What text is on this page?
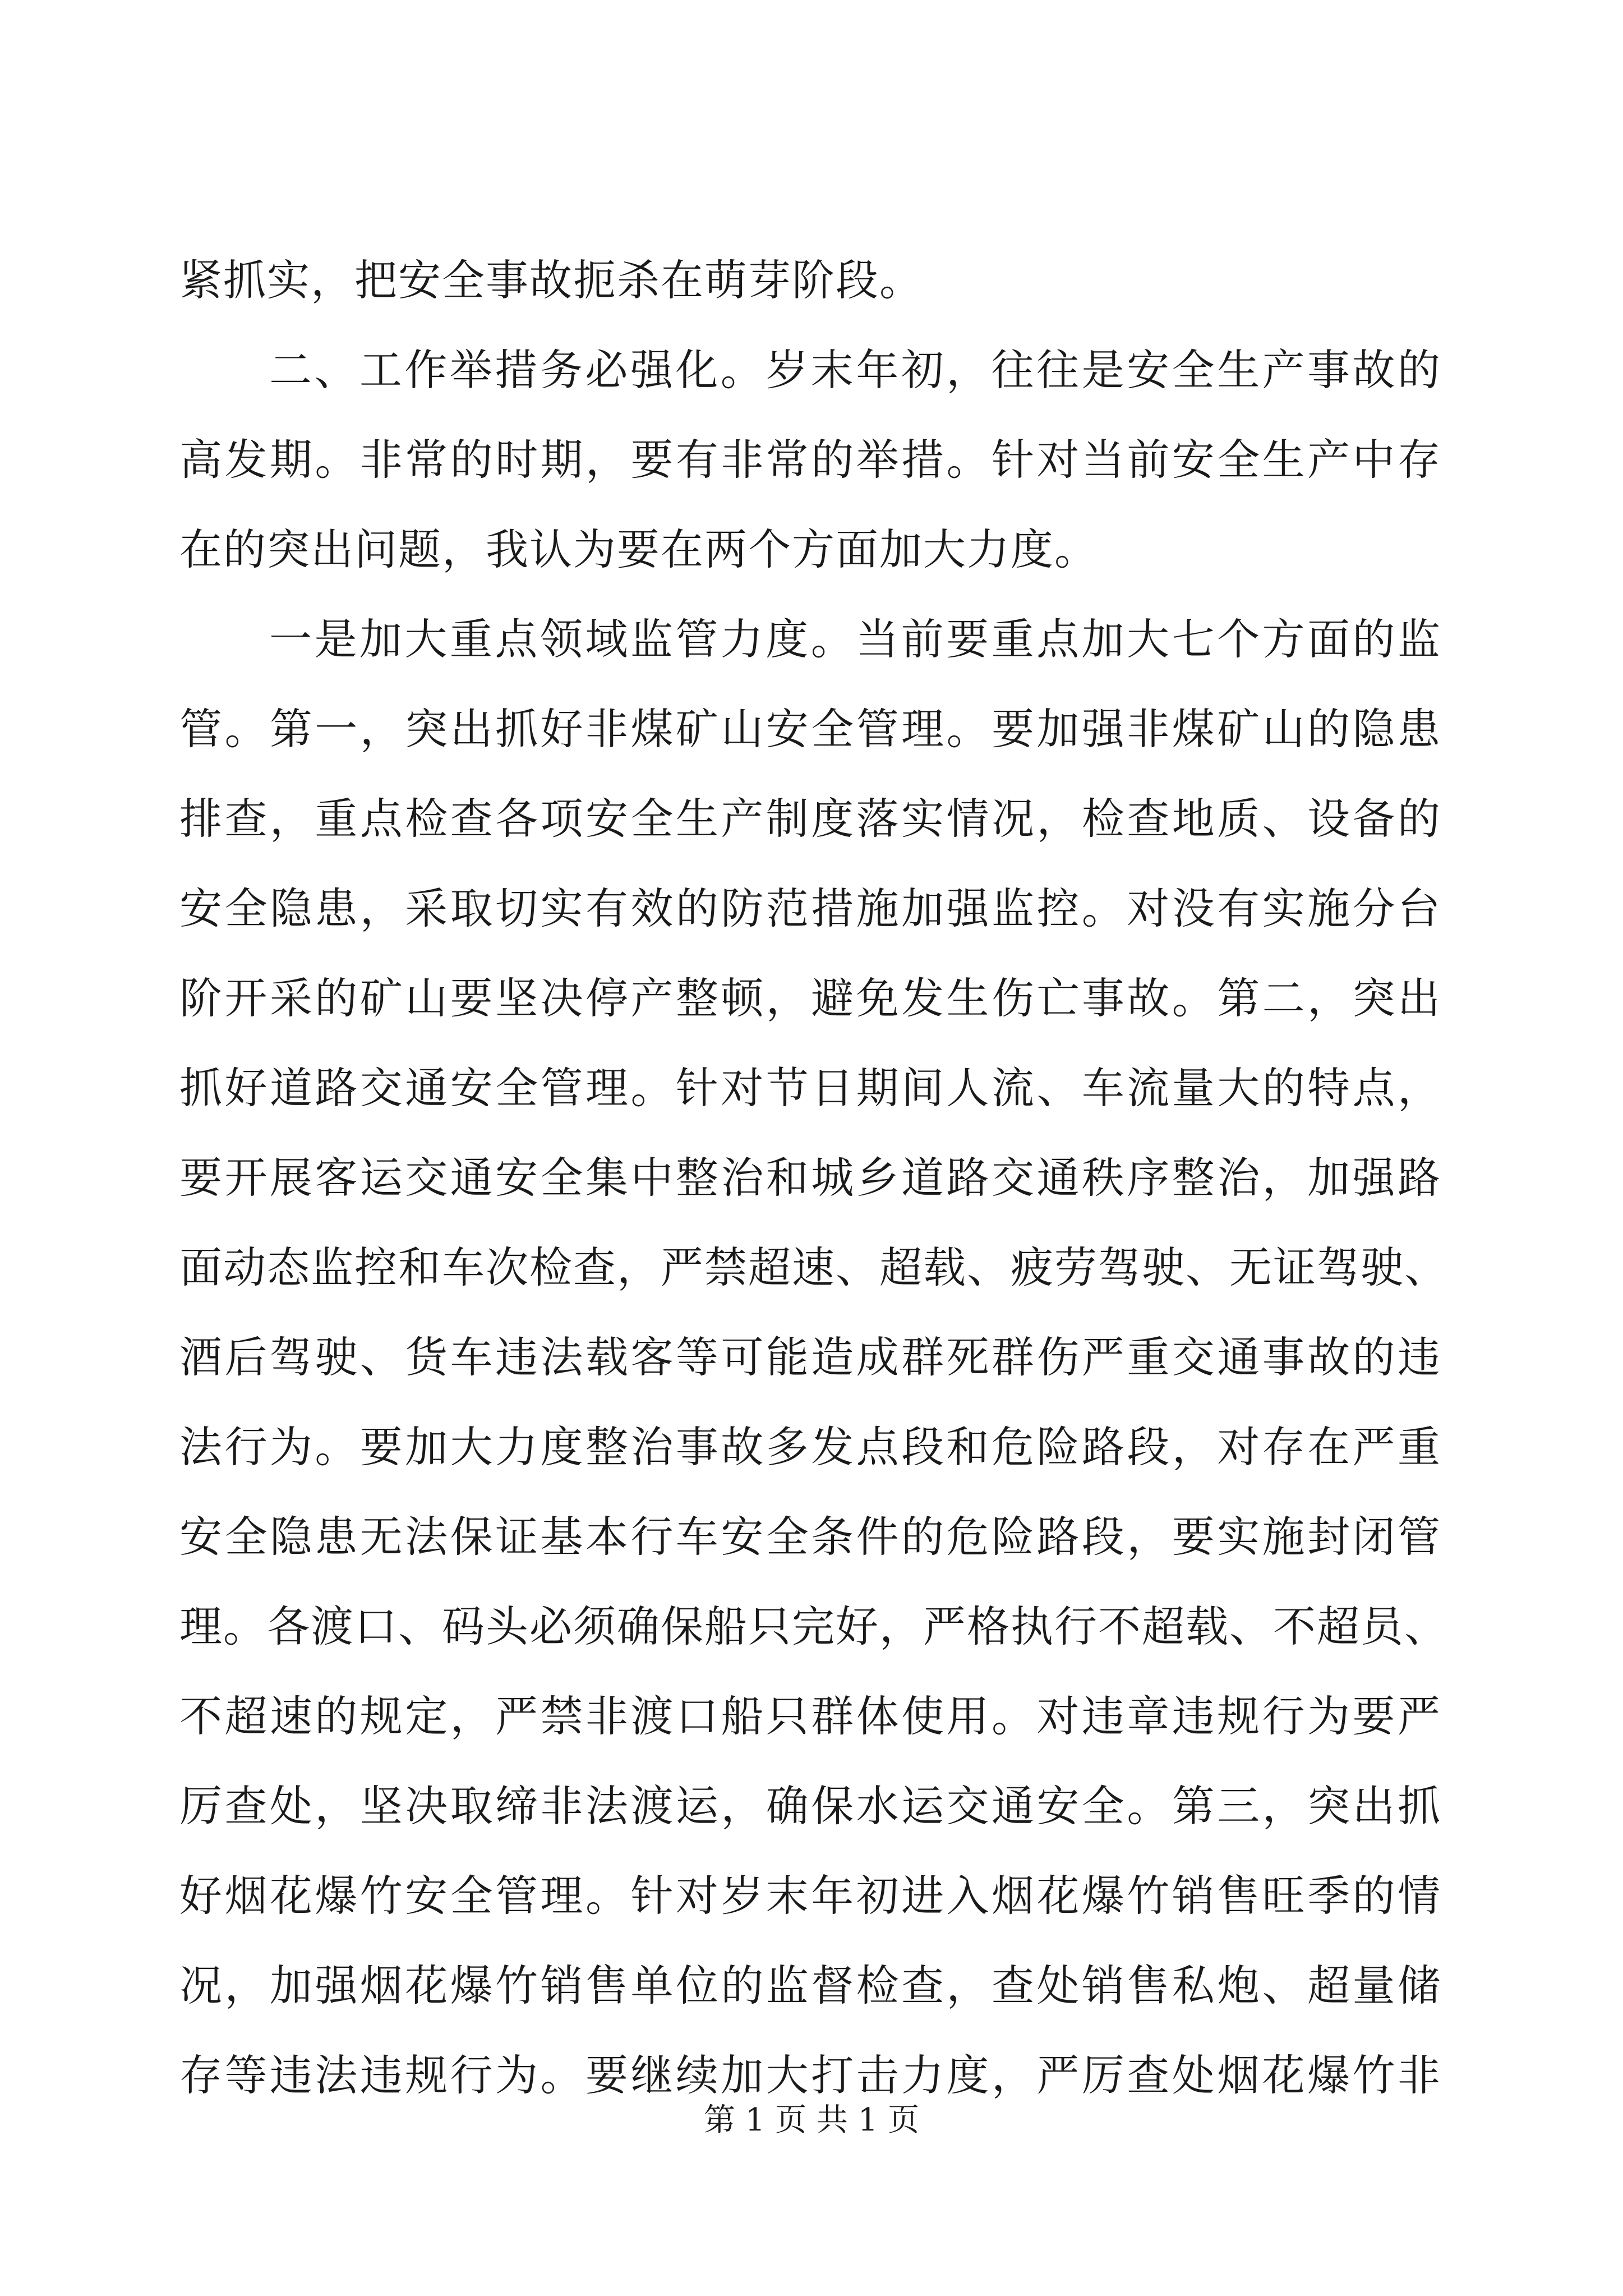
紧抓实，把安全事故扼杀在萌芽阶段。
二、工作举措务必强化。岁末年初，往往是安全生产事故的
高发期。非常的时期，要有非常的举措。针对当前安全生产中存
在的突出问题，我认为要在两个方面加大力度。
一是加大重点领域监管力度。当前要重点加大七个方面的监
管。第一，突出抓好非煤矿山安全管理。要加强非煤矿山的隐患
排查，重点检查各项安全生产制度落实情况，检查地质、设备的
安全隐患，采取切实有效的防范措施加强监控。对没有实施分台
阶开采的矿山要坚决停产整顿，避免发生伤亡事故。第二，突出
抓好道路交通安全管理。针对节日期间人流、车流量大的特点，
要开展客运交通安全集中整治和城乡道路交通秩序整治，加强路
面动态监控和车次检查，严禁超速、超载、疲劳驾驶、无证驾驶、
酒后驾驶、货车违法载客等可能造成群死群伤严重交通事故的违
法行为。要加大力度整治事故多发点段和危险路段，对存在严重
安全隐患无法保证基本行车安全条件的危险路段，要实施封闭管
理。各渡口、码头必须确保船只完好，严格执行不超载、不超员、
不超速的规定，严禁非渡口船只群体使用。对违章违规行为要严
厉查处，坚决取缔非法渡运，确保水运交通安全。第三，突出抓
好烟花爆竹安全管理。针对岁末年初进入烟花爆竹销售旺季的情
况，加强烟花爆竹销售单位的监督检查，查处销售私炮、超量储
存等违法违规行为。要继续加大打击力度，严厉查处烟花爆竹非
第 1 页 共 1 页
